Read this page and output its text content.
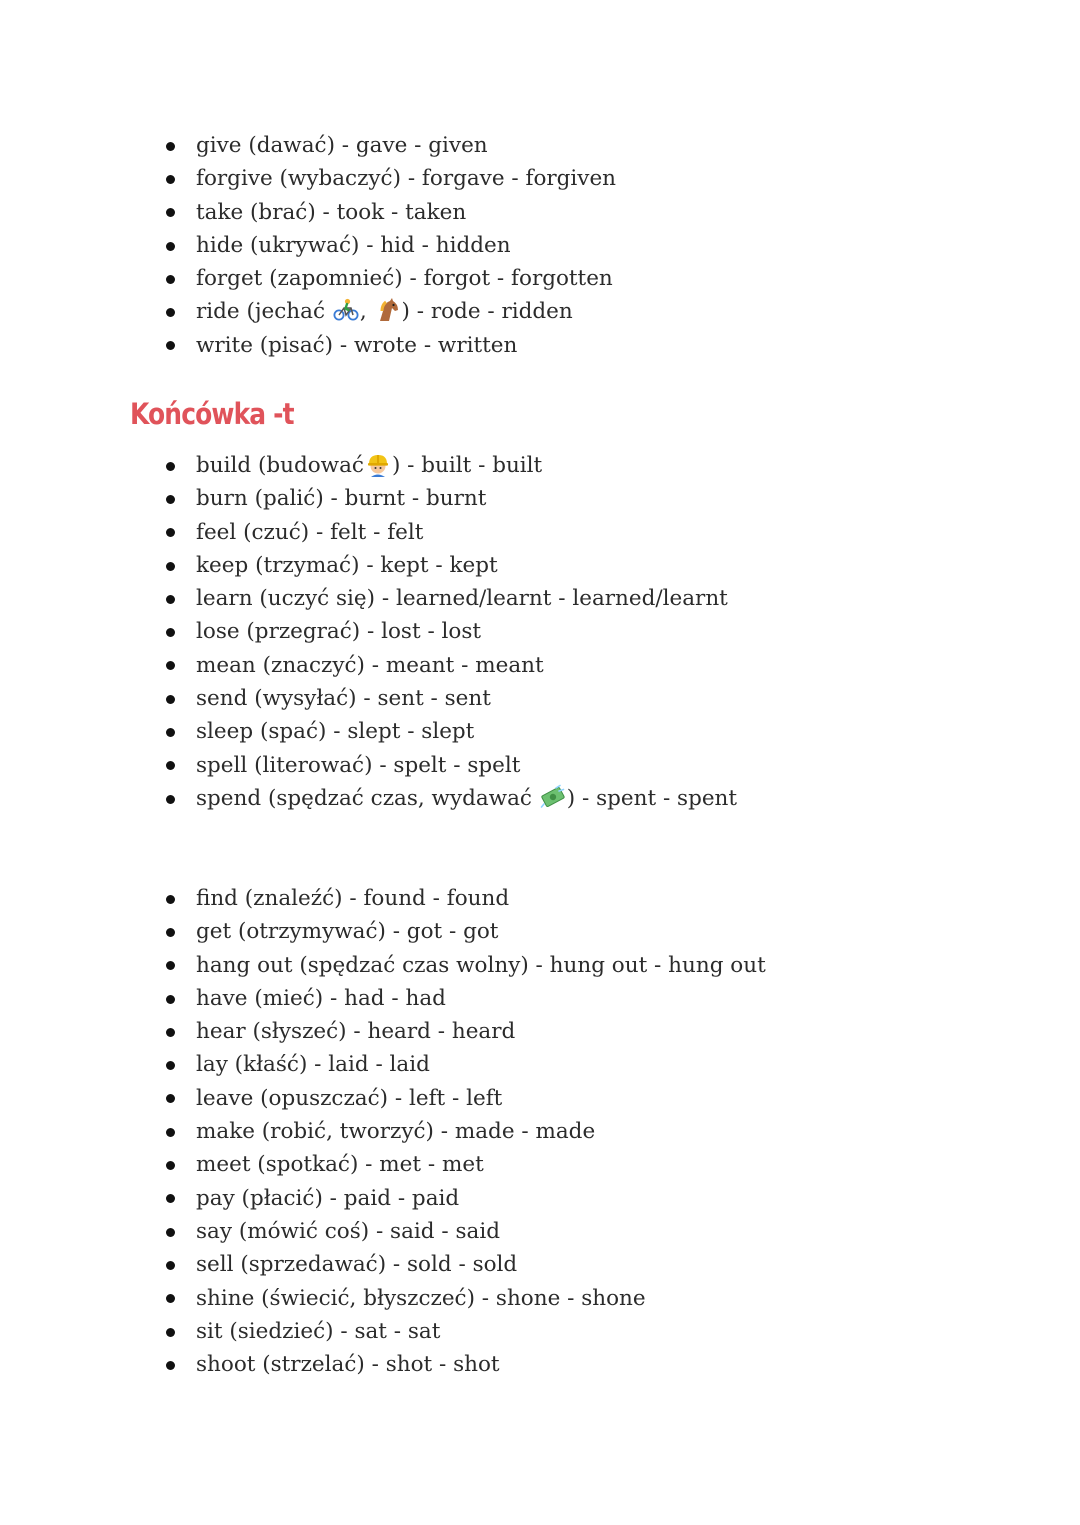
give (dawać) - gave - given
forgive (wybaczyć) - forgave - forgiven
take (brać) - took - taken
hide (ukrywać) - hid - hidden
forget (zapomnieć) - forgot - forgotten
ride (jechać , ) - rode - ridden
write (pisać) - wrote - written
Końcówka -t
build (budować ) - built - built
burn (palić) - burnt - burnt
feel (czuć) - felt - felt
keep (trzymać) - kept - kept
learn (uczyć się) - learned/learnt - learned/learnt
lose (przegrać) - lost - lost
mean (znaczyć) - meant - meant
send (wysyłać) - sent - sent
sleep (spać) - slept - slept
spell (literować) - spelt - spelt
spend (spędzać czas, wydawać ) - spent - spent
find (znaleźć) - found - found
get (otrzymywać) - got - got
hang out (spędzać czas wolny) - hung out - hung out
have (mieć) - had - had
hear (słyszeć) - heard - heard
lay (kłaść) - laid - laid
leave (opuszczać) - left - left
make (robić, tworzyć) - made - made
meet (spotkać) - met - met
pay (płacić) - paid - paid
say (mówić coś) - said - said
sell (sprzedawać) - sold - sold
shine (świecić, błyszczeć) - shone - shone
sit (siedzieć) - sat - sat
shoot (strzelać) - shot - shot
